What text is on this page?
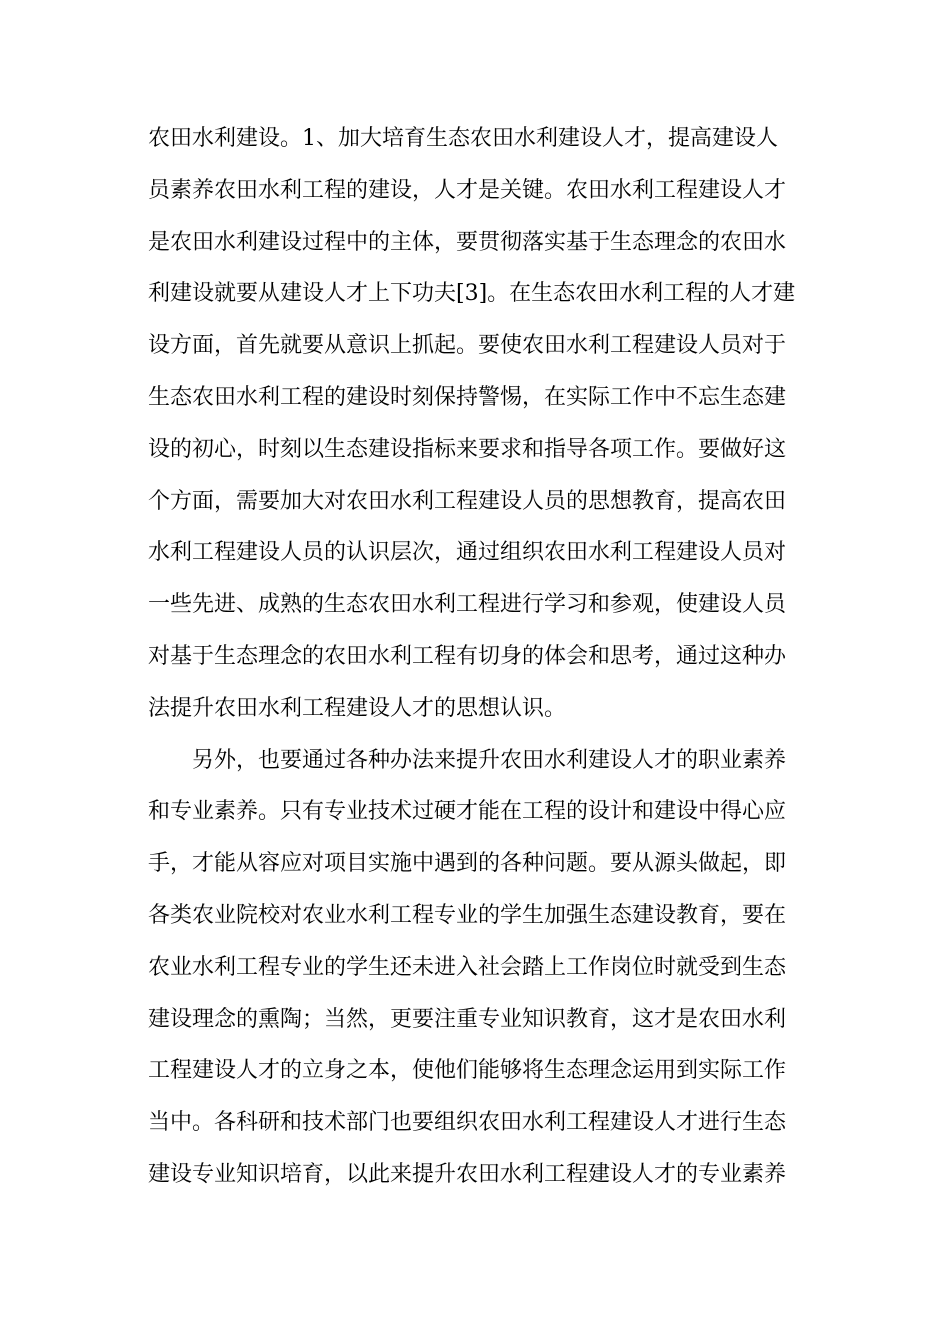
农田水利建设。1、加大培育生态农田水利建设人才，提高建设人
员素养农田水利工程的建设，人才是关键。农田水利工程建设人才
是农田水利建设过程中的主体，要贯彻落实基于生态理念的农田水
利建设就要从建设人才上下功夫[3]。在生态农田水利工程的人才建
设方面，首先就要从意识上抓起。要使农田水利工程建设人员对于
生态农田水利工程的建设时刻保持警惕，在实际工作中不忘生态建
设的初心，时刻以生态建设指标来要求和指导各项工作。要做好这
个方面，需要加大对农田水利工程建设人员的思想教育，提高农田
水利工程建设人员的认识层次，通过组织农田水利工程建设人员对
一些先进、成熟的生态农田水利工程进行学习和参观，使建设人员
对基于生态理念的农田水利工程有切身的体会和思考，通过这种办
法提升农田水利工程建设人才的思想认识。
另外，也要通过各种办法来提升农田水利建设人才的职业素养
和专业素养。只有专业技术过硬才能在工程的设计和建设中得心应
手，才能从容应对项目实施中遇到的各种问题。要从源头做起，即
各类农业院校对农业水利工程专业的学生加强生态建设教育，要在
农业水利工程专业的学生还未进入社会踏上工作岗位时就受到生态
建设理念的熏陶；当然，更要注重专业知识教育，这才是农田水利
工程建设人才的立身之本，使他们能够将生态理念运用到实际工作
当中。各科研和技术部门也要组织农田水利工程建设人才进行生态
建设专业知识培育，以此来提升农田水利工程建设人才的专业素养
